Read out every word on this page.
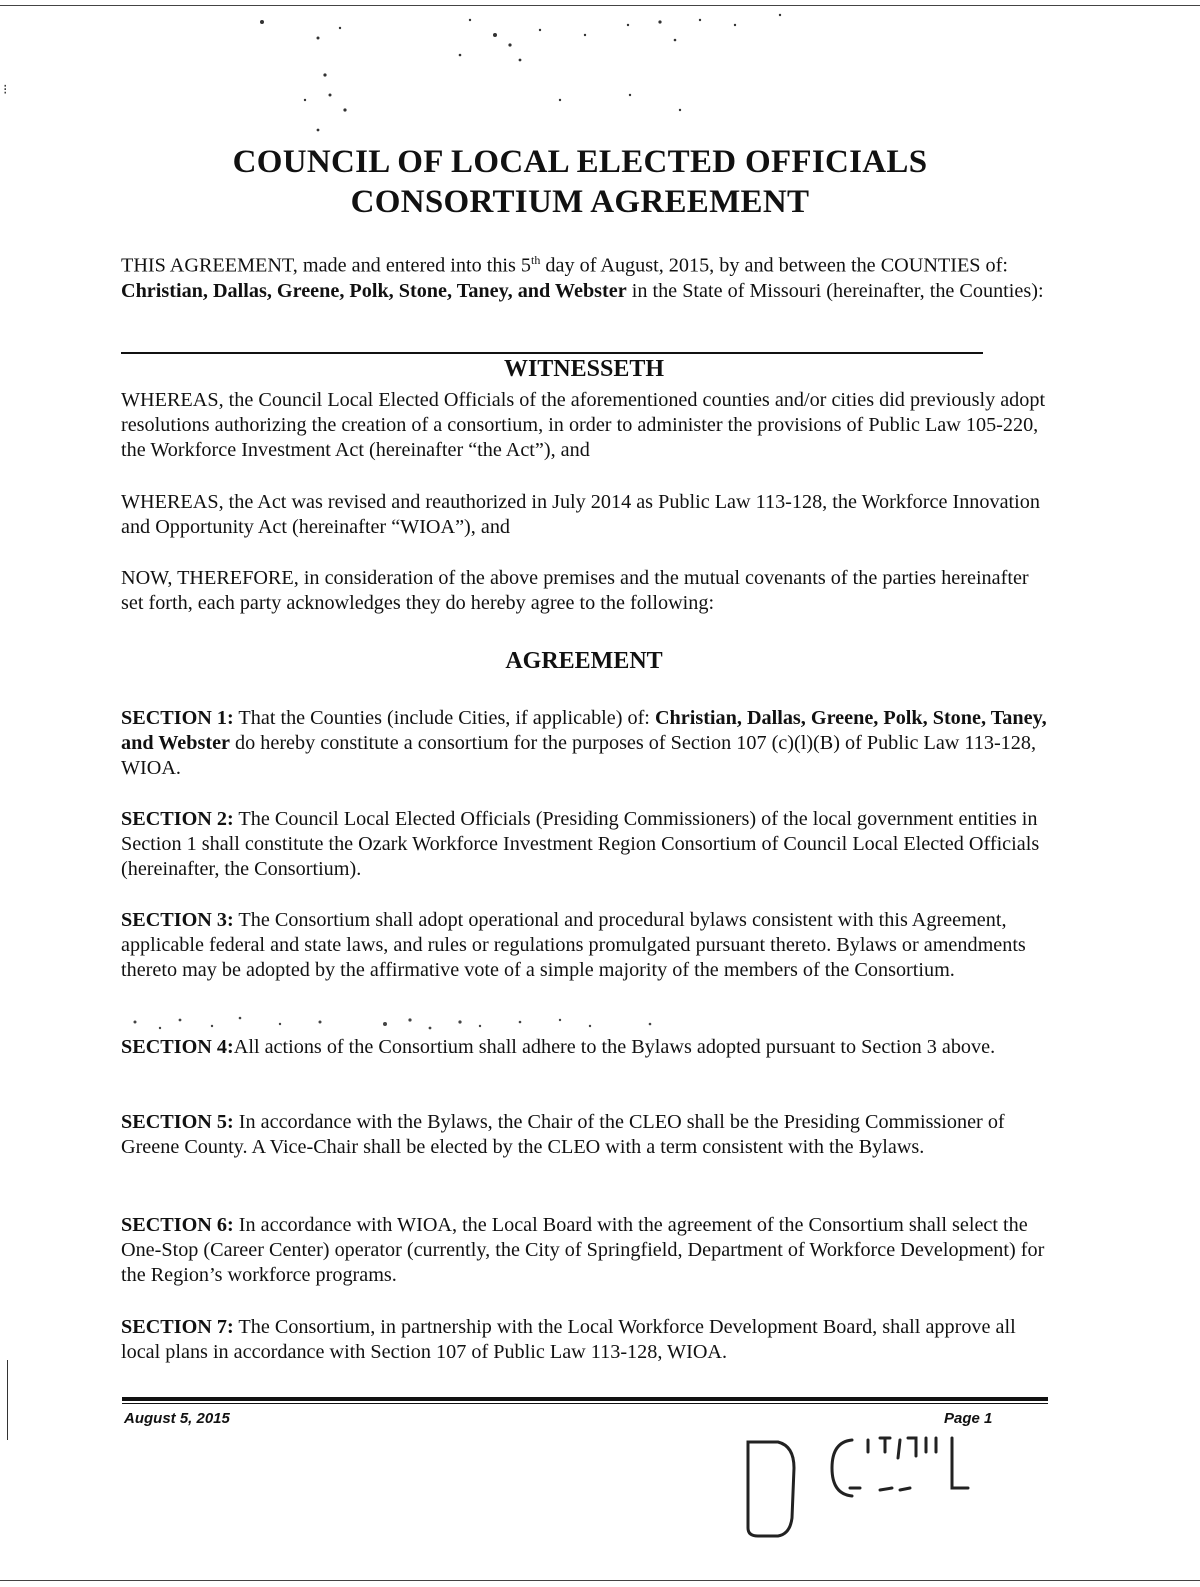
⁝
COUNCIL OF LOCAL ELECTED OFFICIALS
CONSORTIUM AGREEMENT

THIS AGREEMENT, made and entered into this 5th day of August, 2015, by and between the COUNTIES of: Christian, Dallas, Greene, Polk, Stone, Taney, and Webster in the State of Missouri (hereinafter, the Counties):

WITNESSETH

WHEREAS, the Council Local Elected Officials of the aforementioned counties and/or cities did previously adopt resolutions authorizing the creation of a consortium, in order to administer the provisions of Public Law 105-220, the Workforce Investment Act (hereinafter “the Act”), and

WHEREAS, the Act was revised and reauthorized in July 2014 as Public Law 113-128, the Workforce Innovation and Opportunity Act (hereinafter “WIOA”), and

NOW, THEREFORE, in consideration of the above premises and the mutual covenants of the parties hereinafter set forth, each party acknowledges they do hereby agree to the following:

AGREEMENT

SECTION 1: That the Counties (include Cities, if applicable) of: Christian, Dallas, Greene, Polk, Stone, Taney, and Webster do hereby constitute a consortium for the purposes of Section 107 (c)(l)(B) of Public Law 113-128, WIOA.

SECTION 2: The Council Local Elected Officials (Presiding Commissioners) of the local government entities in Section 1 shall constitute the Ozark Workforce Investment Region Consortium of Council Local Elected Officials (hereinafter, the Consortium).

SECTION 3: The Consortium shall adopt operational and procedural bylaws consistent with this Agreement, applicable federal and state laws, and rules or regulations promulgated pursuant thereto. Bylaws or amendments thereto may be adopted by the affirmative vote of a simple majority of the members of the Consortium.

SECTION 4:All actions of the Consortium shall adhere to the Bylaws adopted pursuant to Section 3 above.

SECTION 5: In accordance with the Bylaws, the Chair of the CLEO shall be the Presiding Commissioner of Greene County. A Vice-Chair shall be elected by the CLEO with a term consistent with the Bylaws.

SECTION 6: In accordance with WIOA, the Local Board with the agreement of the Consortium shall select the One-Stop (Career Center) operator (currently, the City of Springfield, Department of Workforce Development) for the Region’s workforce programs.

SECTION 7: The Consortium, in partnership with the Local Workforce Development Board, shall approve all local plans in accordance with Section 107 of Public Law 113-128, WIOA.

August 5, 2015	Page 1
